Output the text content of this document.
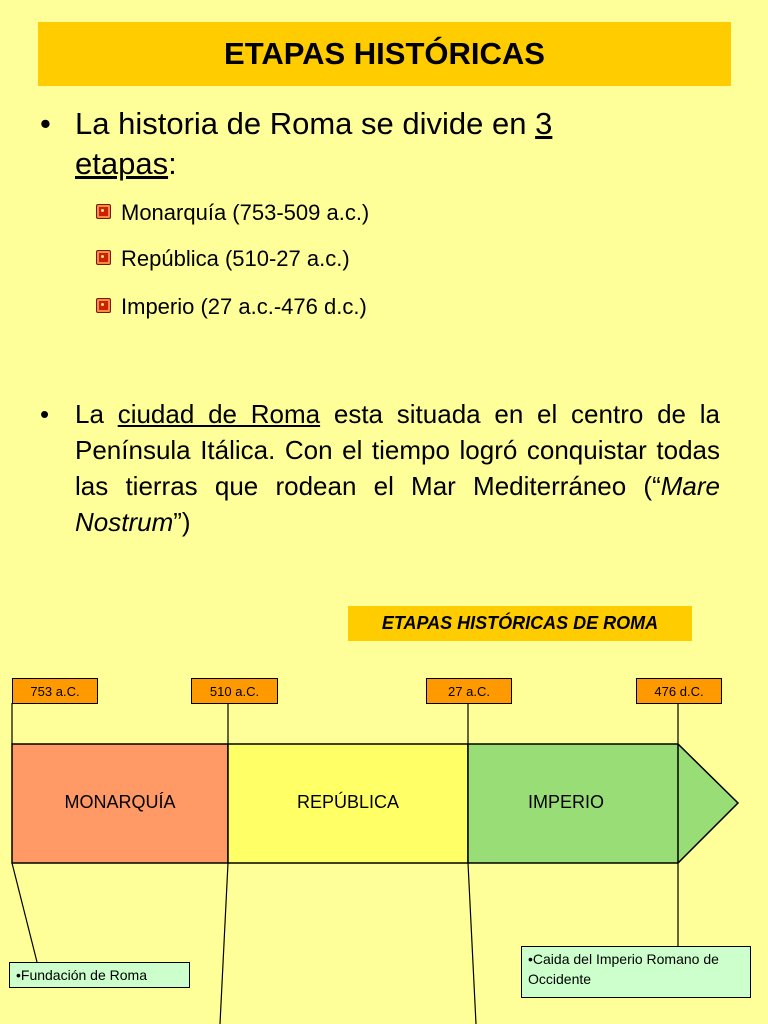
ETAPAS HISTÓRICAS
• La historia de Roma se divide en 3
etapas:
Monarquía (753-509 a.c.)
República (510-27 a.c.)
Imperio (27 a.c.-476 d.c.)
• La ciudad de Roma esta situada en el centro de la Península Itálica. Con el tiempo logró conquistar todas las tierras que rodean el Mar Mediterráneo (“Mare Nostrum”)
ETAPAS HISTÓRICAS DE ROMA
MONARQUÍA	REPÚBLICA	IMPERIO
753 a.C.	510 a.C.	27 a.C.	476 d.C.
•Fundación de Roma
•Caida del Imperio Romano de Occidente
